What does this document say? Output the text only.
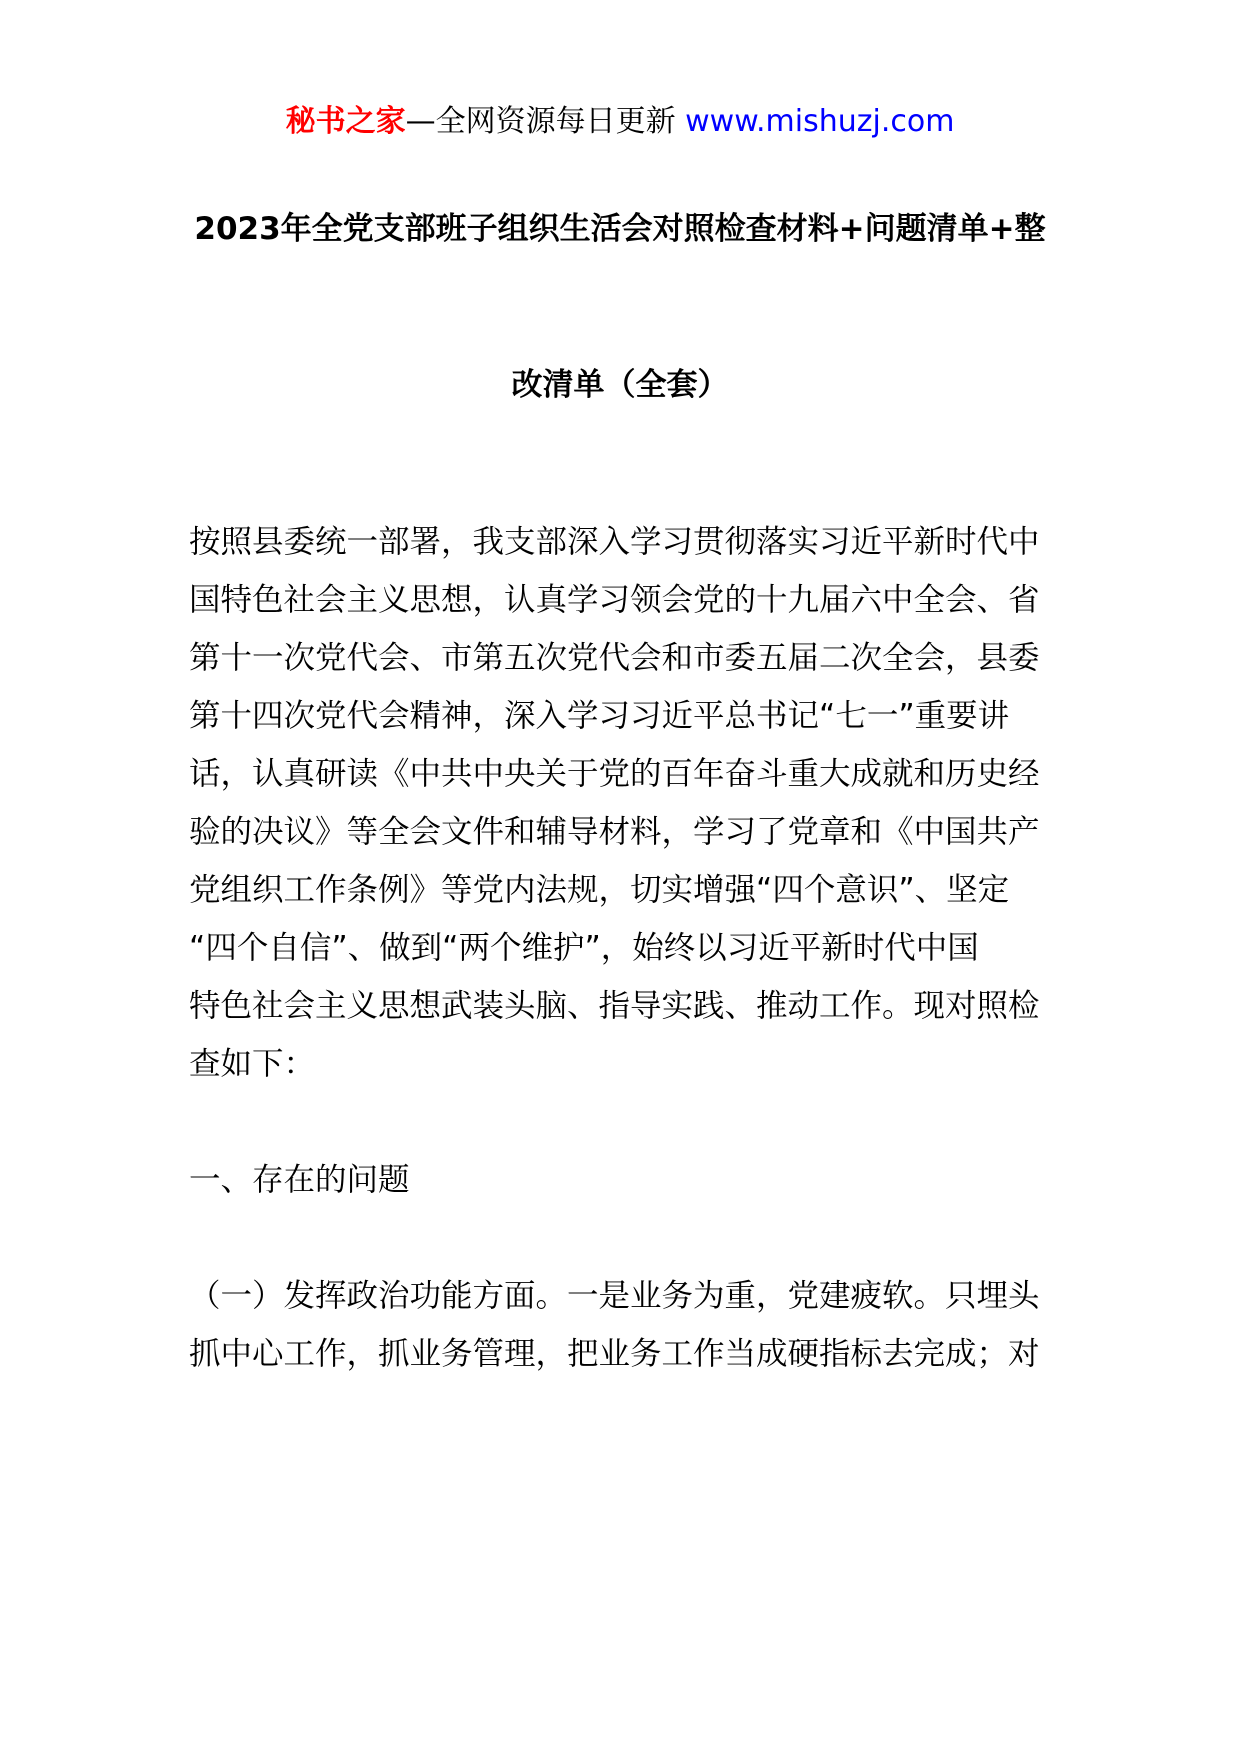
秘书之家—全网资源每日更新 www.mishuzj.com
2023年全党支部班子组织生活会对照检查材料+问题清单+整
改清单（全套）
按照县委统一部署，我支部深入学习贯彻落实习近平新时代中
国特色社会主义思想，认真学习领会党的十九届六中全会、省
第十一次党代会、市第五次党代会和市委五届二次全会，县委
第十四次党代会精神，深入学习习近平总书记“七一”重要讲
话，认真研读《中共中央关于党的百年奋斗重大成就和历史经
验的决议》等全会文件和辅导材料，学习了党章和《中国共产
党组织工作条例》等党内法规，切实增强“四个意识”、坚定
“四个自信”、做到“两个维护”，始终以习近平新时代中国
特色社会主义思想武装头脑、指导实践、推动工作。现对照检
查如下：
一、存在的问题
（一）发挥政治功能方面。一是业务为重，党建疲软。只埋头
抓中心工作，抓业务管理，把业务工作当成硬指标去完成；对
